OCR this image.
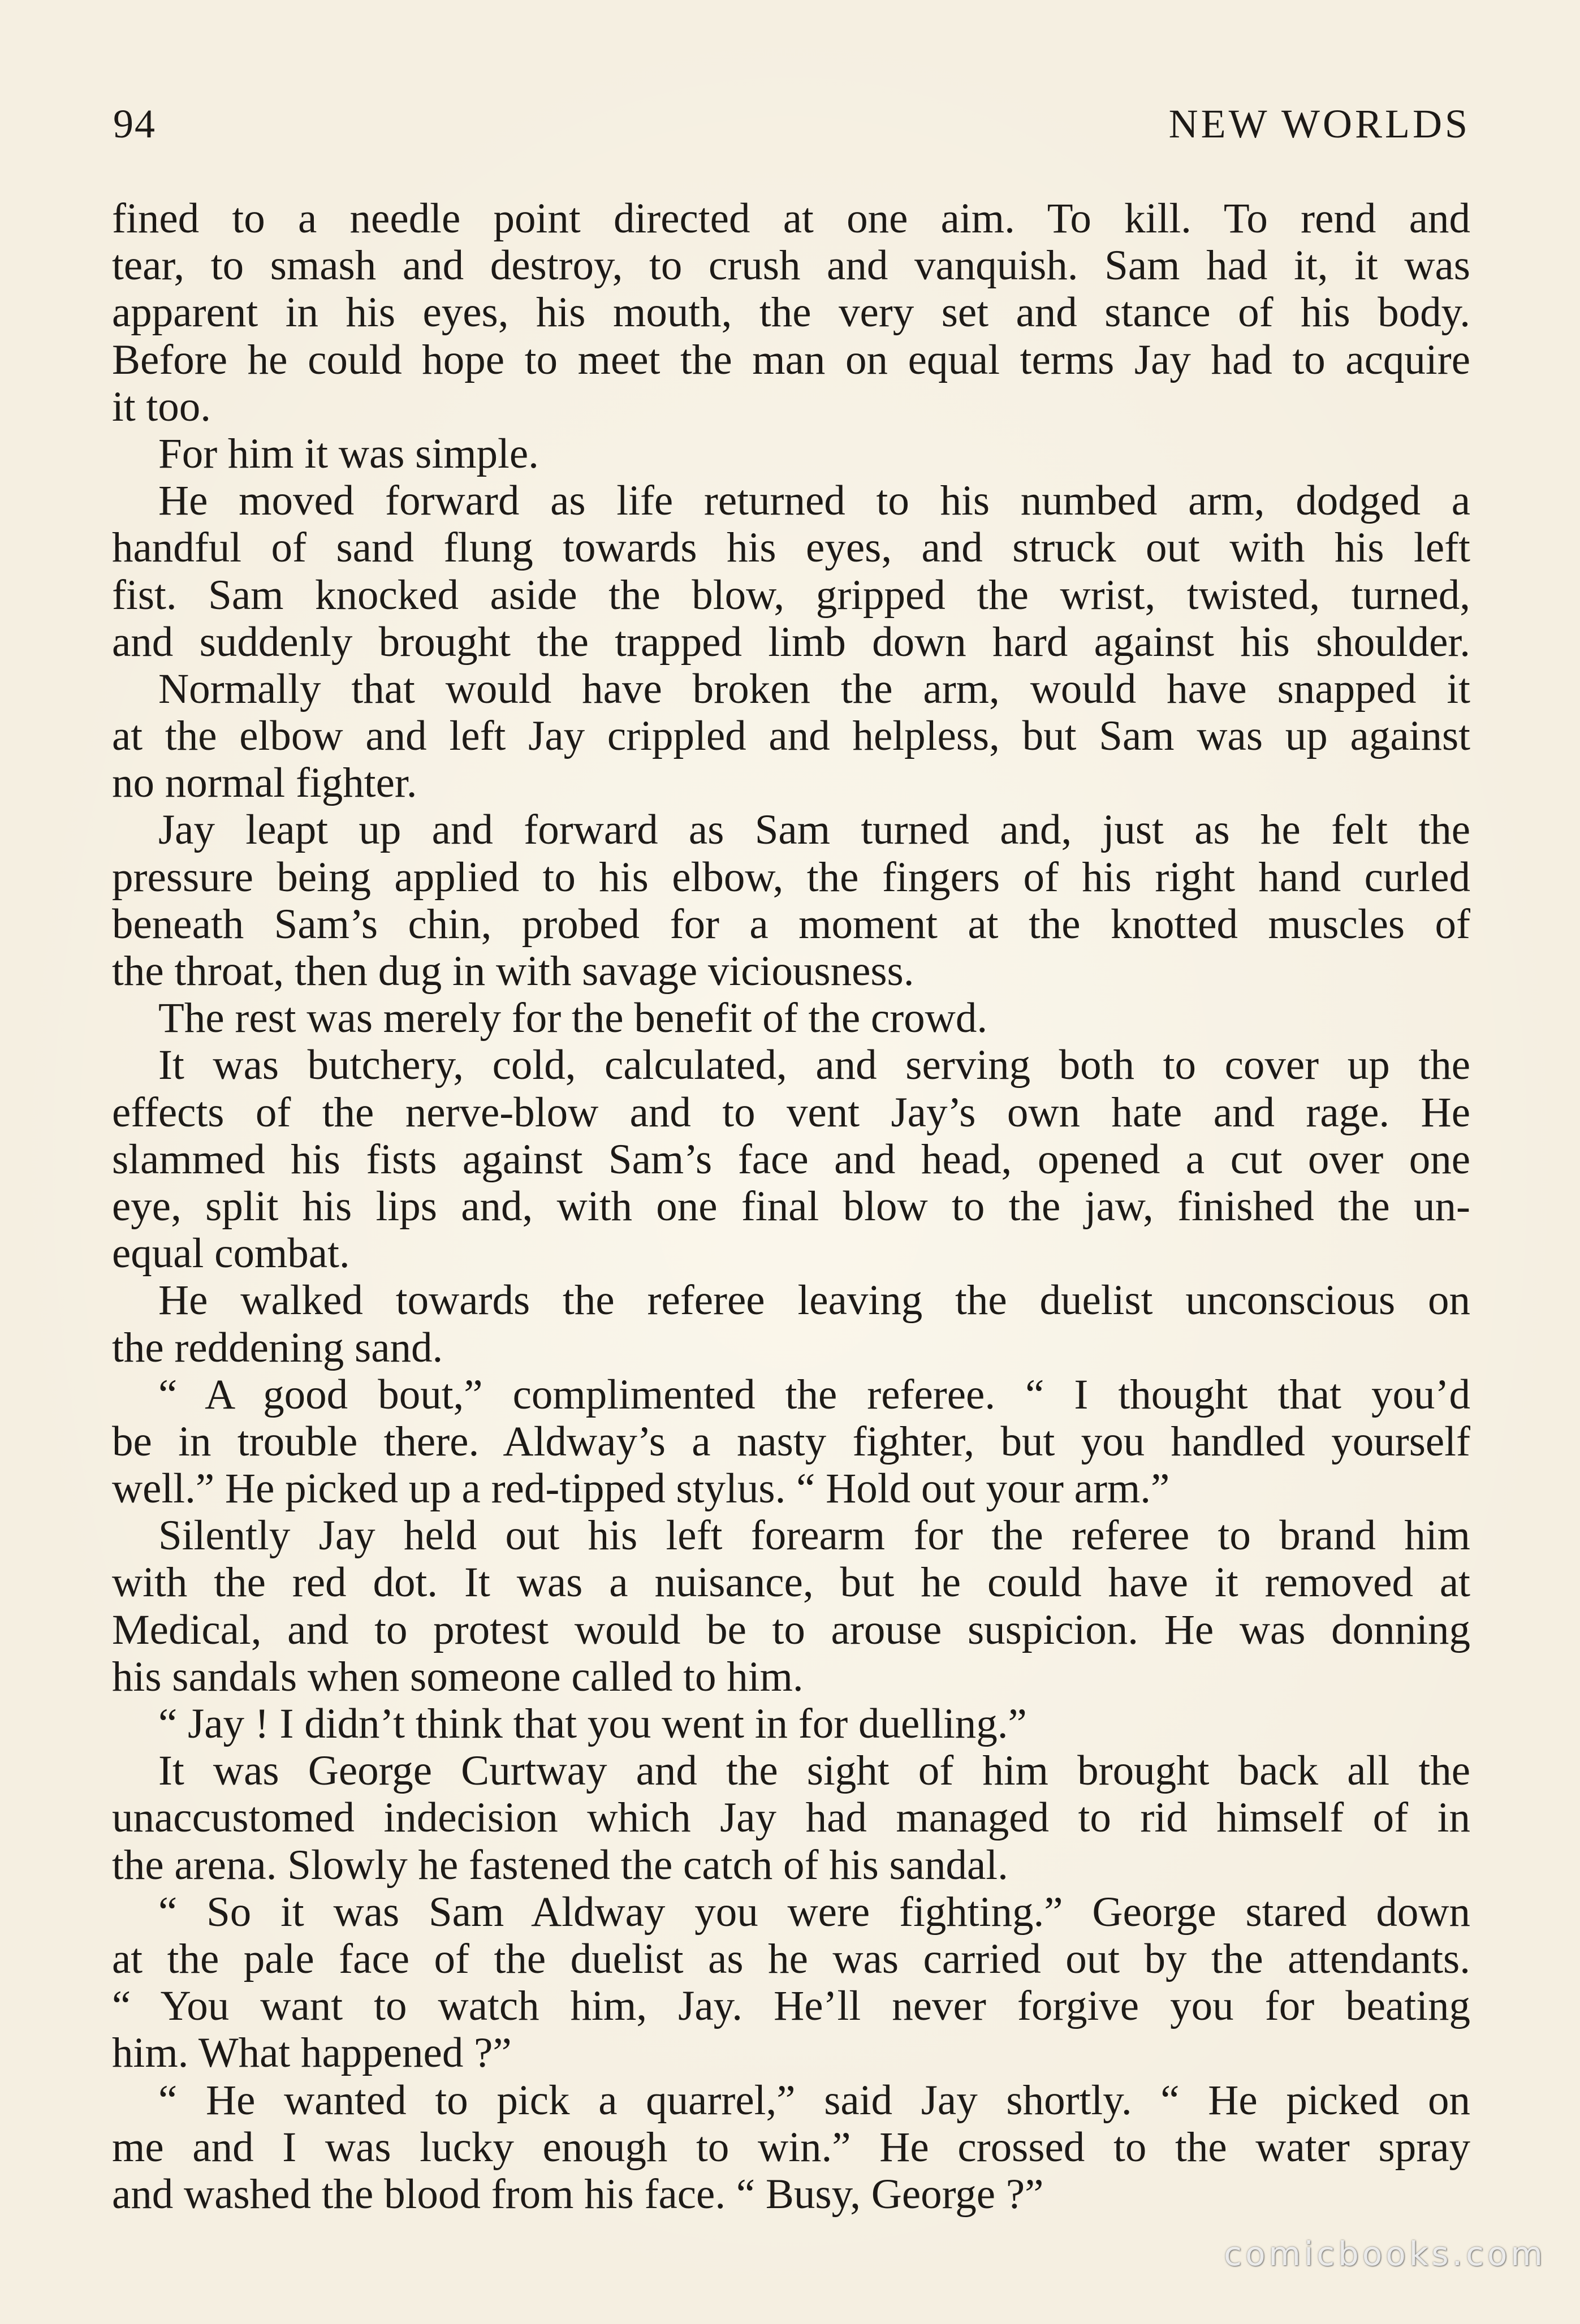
94	NEW WORLDS
fined to a needle point directed at one aim. To kill. To rend and
tear, to smash and destroy, to crush and vanquish. Sam had it, it was
apparent in his eyes, his mouth, the very set and stance of his body.
Before he could hope to meet the man on equal terms Jay had to acquire
it too.
For him it was simple.
He moved forward as life returned to his numbed arm, dodged a
handful of sand flung towards his eyes, and struck out with his left
fist. Sam knocked aside the blow, gripped the wrist, twisted, turned,
and suddenly brought the trapped limb down hard against his shoulder.
Normally that would have broken the arm, would have snapped it
at the elbow and left Jay crippled and helpless, but Sam was up against
no normal fighter.
Jay leapt up and forward as Sam turned and, just as he felt the
pressure being applied to his elbow, the fingers of his right hand curled
beneath Sam’s chin, probed for a moment at the knotted muscles of
the throat, then dug in with savage viciousness.
The rest was merely for the benefit of the crowd.
It was butchery, cold, calculated, and serving both to cover up the
effects of the nerve-blow and to vent Jay’s own hate and rage. He
slammed his fists against Sam’s face and head, opened a cut over one
eye, split his lips and, with one final blow to the jaw, finished the un-
equal combat.
He walked towards the referee leaving the duelist unconscious on
the reddening sand.
“ A good bout,” complimented the referee. “ I thought that you’d
be in trouble there. Aldway’s a nasty fighter, but you handled yourself
well.” He picked up a red-tipped stylus. “ Hold out your arm.”
Silently Jay held out his left forearm for the referee to brand him
with the red dot. It was a nuisance, but he could have it removed at
Medical, and to protest would be to arouse suspicion. He was donning
his sandals when someone called to him.
“ Jay ! I didn’t think that you went in for duelling.”
It was George Curtway and the sight of him brought back all the
unaccustomed indecision which Jay had managed to rid himself of in
the arena. Slowly he fastened the catch of his sandal.
“ So it was Sam Aldway you were fighting.” George stared down
at the pale face of the duelist as he was carried out by the attendants.
“ You want to watch him, Jay. He’ll never forgive you for beating
him. What happened ?”
“ He wanted to pick a quarrel,” said Jay shortly. “ He picked on
me and I was lucky enough to win.” He crossed to the water spray
and washed the blood from his face. “ Busy, George ?”
comicbooks.com
